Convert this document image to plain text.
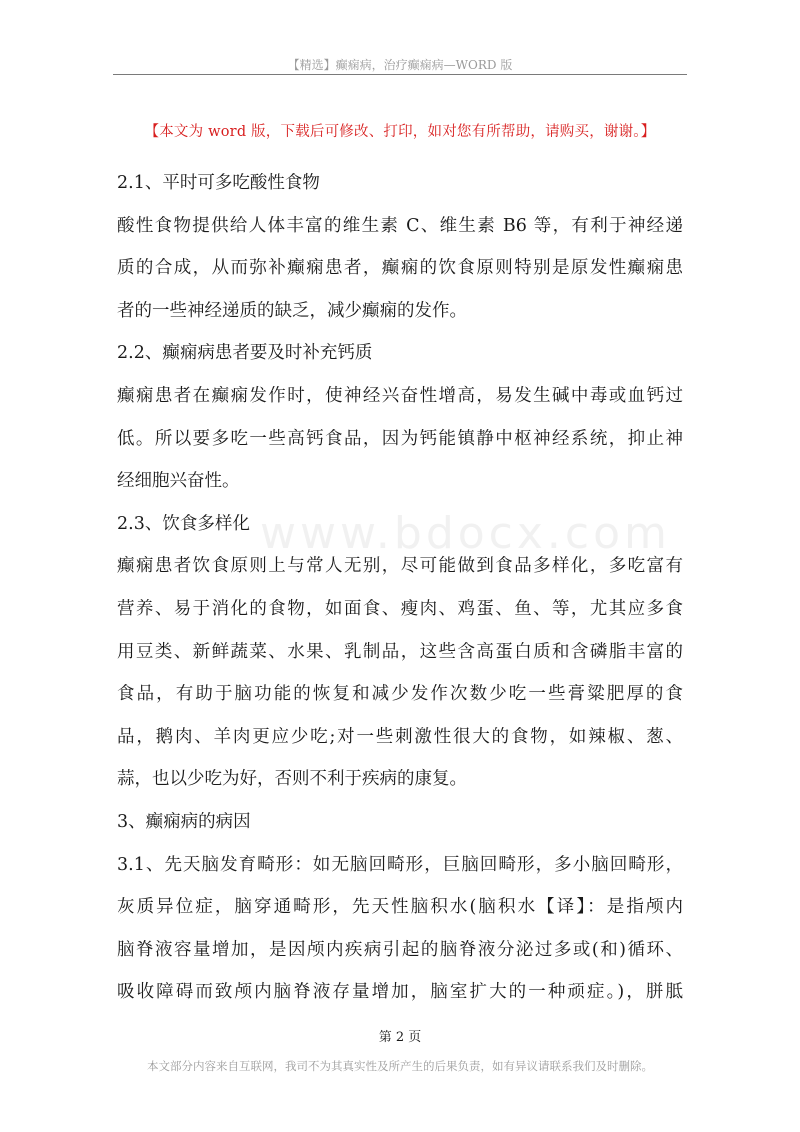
【精选】癫痫病，治疗癫痫病—WORD 版
【本文为 word 版，下载后可修改、打印，如对您有所帮助，请购买，谢谢。】
www.bdocx.com
2.1、平时可多吃酸性食物
酸性食物提供给人体丰富的维生素 C、维生素 B6 等，有利于神经递
质的合成，从而弥补癫痫患者，癫痫的饮食原则特别是原发性癫痫患
者的一些神经递质的缺乏，减少癫痫的发作。
2.2、癫痫病患者要及时补充钙质
癫痫患者在癫痫发作时，使神经兴奋性增高，易发生碱中毒或血钙过
低。所以要多吃一些高钙食品，因为钙能镇静中枢神经系统，抑止神
经细胞兴奋性。
2.3、饮食多样化
癫痫患者饮食原则上与常人无别，尽可能做到食品多样化，多吃富有
营养、易于消化的食物，如面食、瘦肉、鸡蛋、鱼、等，尤其应多食
用豆类、新鲜蔬菜、水果、乳制品，这些含高蛋白质和含磷脂丰富的
食品，有助于脑功能的恢复和减少发作次数少吃一些膏粱肥厚的食
品，鹅肉、羊肉更应少吃;对一些刺激性很大的食物，如辣椒、葱、
蒜，也以少吃为好，否则不利于疾病的康复。
3、癫痫病的病因
3.1、先天脑发育畸形：如无脑回畸形，巨脑回畸形，多小脑回畸形，
灰质异位症，脑穿通畸形，先天性脑积水(脑积水【译】：是指颅内
脑脊液容量增加，是因颅内疾病引起的脑脊液分泌过多或(和)循环、
吸收障碍而致颅内脑脊液存量增加，脑室扩大的一种顽症。)，胼胝
第 2 页
本文部分内容来自互联网，我司不为其真实性及所产生的后果负责，如有异议请联系我们及时删除。
